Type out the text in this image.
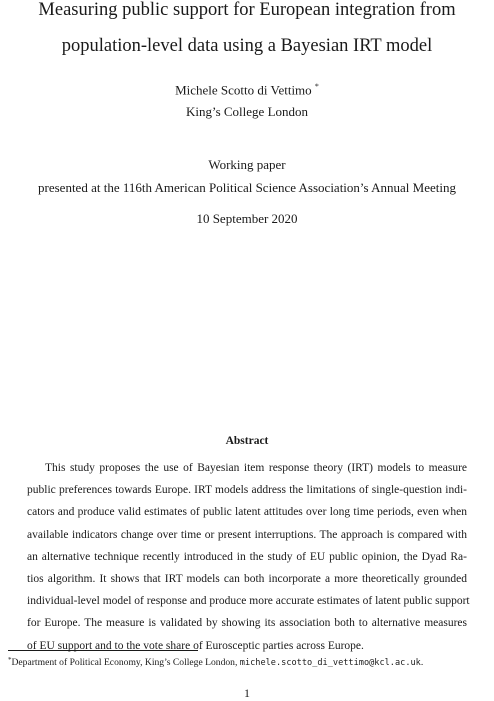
Measuring public support for European integration from
population-level data using a Bayesian IRT model
Michele Scotto di Vettimo *
King’s College London
Working paper
presented at the 116th American Political Science Association’s Annual Meeting
10 September 2020
Abstract
This study proposes the use of Bayesian item response theory (IRT) models to measure
public preferences towards Europe. IRT models address the limitations of single-question indi-
cators and produce valid estimates of public latent attitudes over long time periods, even when
available indicators change over time or present interruptions. The approach is compared with
an alternative technique recently introduced in the study of EU public opinion, the Dyad Ra-
tios algorithm. It shows that IRT models can both incorporate a more theoretically grounded
individual-level model of response and produce more accurate estimates of latent public support
for Europe. The measure is validated by showing its association both to alternative measures
of EU support and to the vote share of Eurosceptic parties across Europe.
*Department of Political Economy, King’s College London, michele.scotto_di_vettimo@kcl.ac.uk.
1
